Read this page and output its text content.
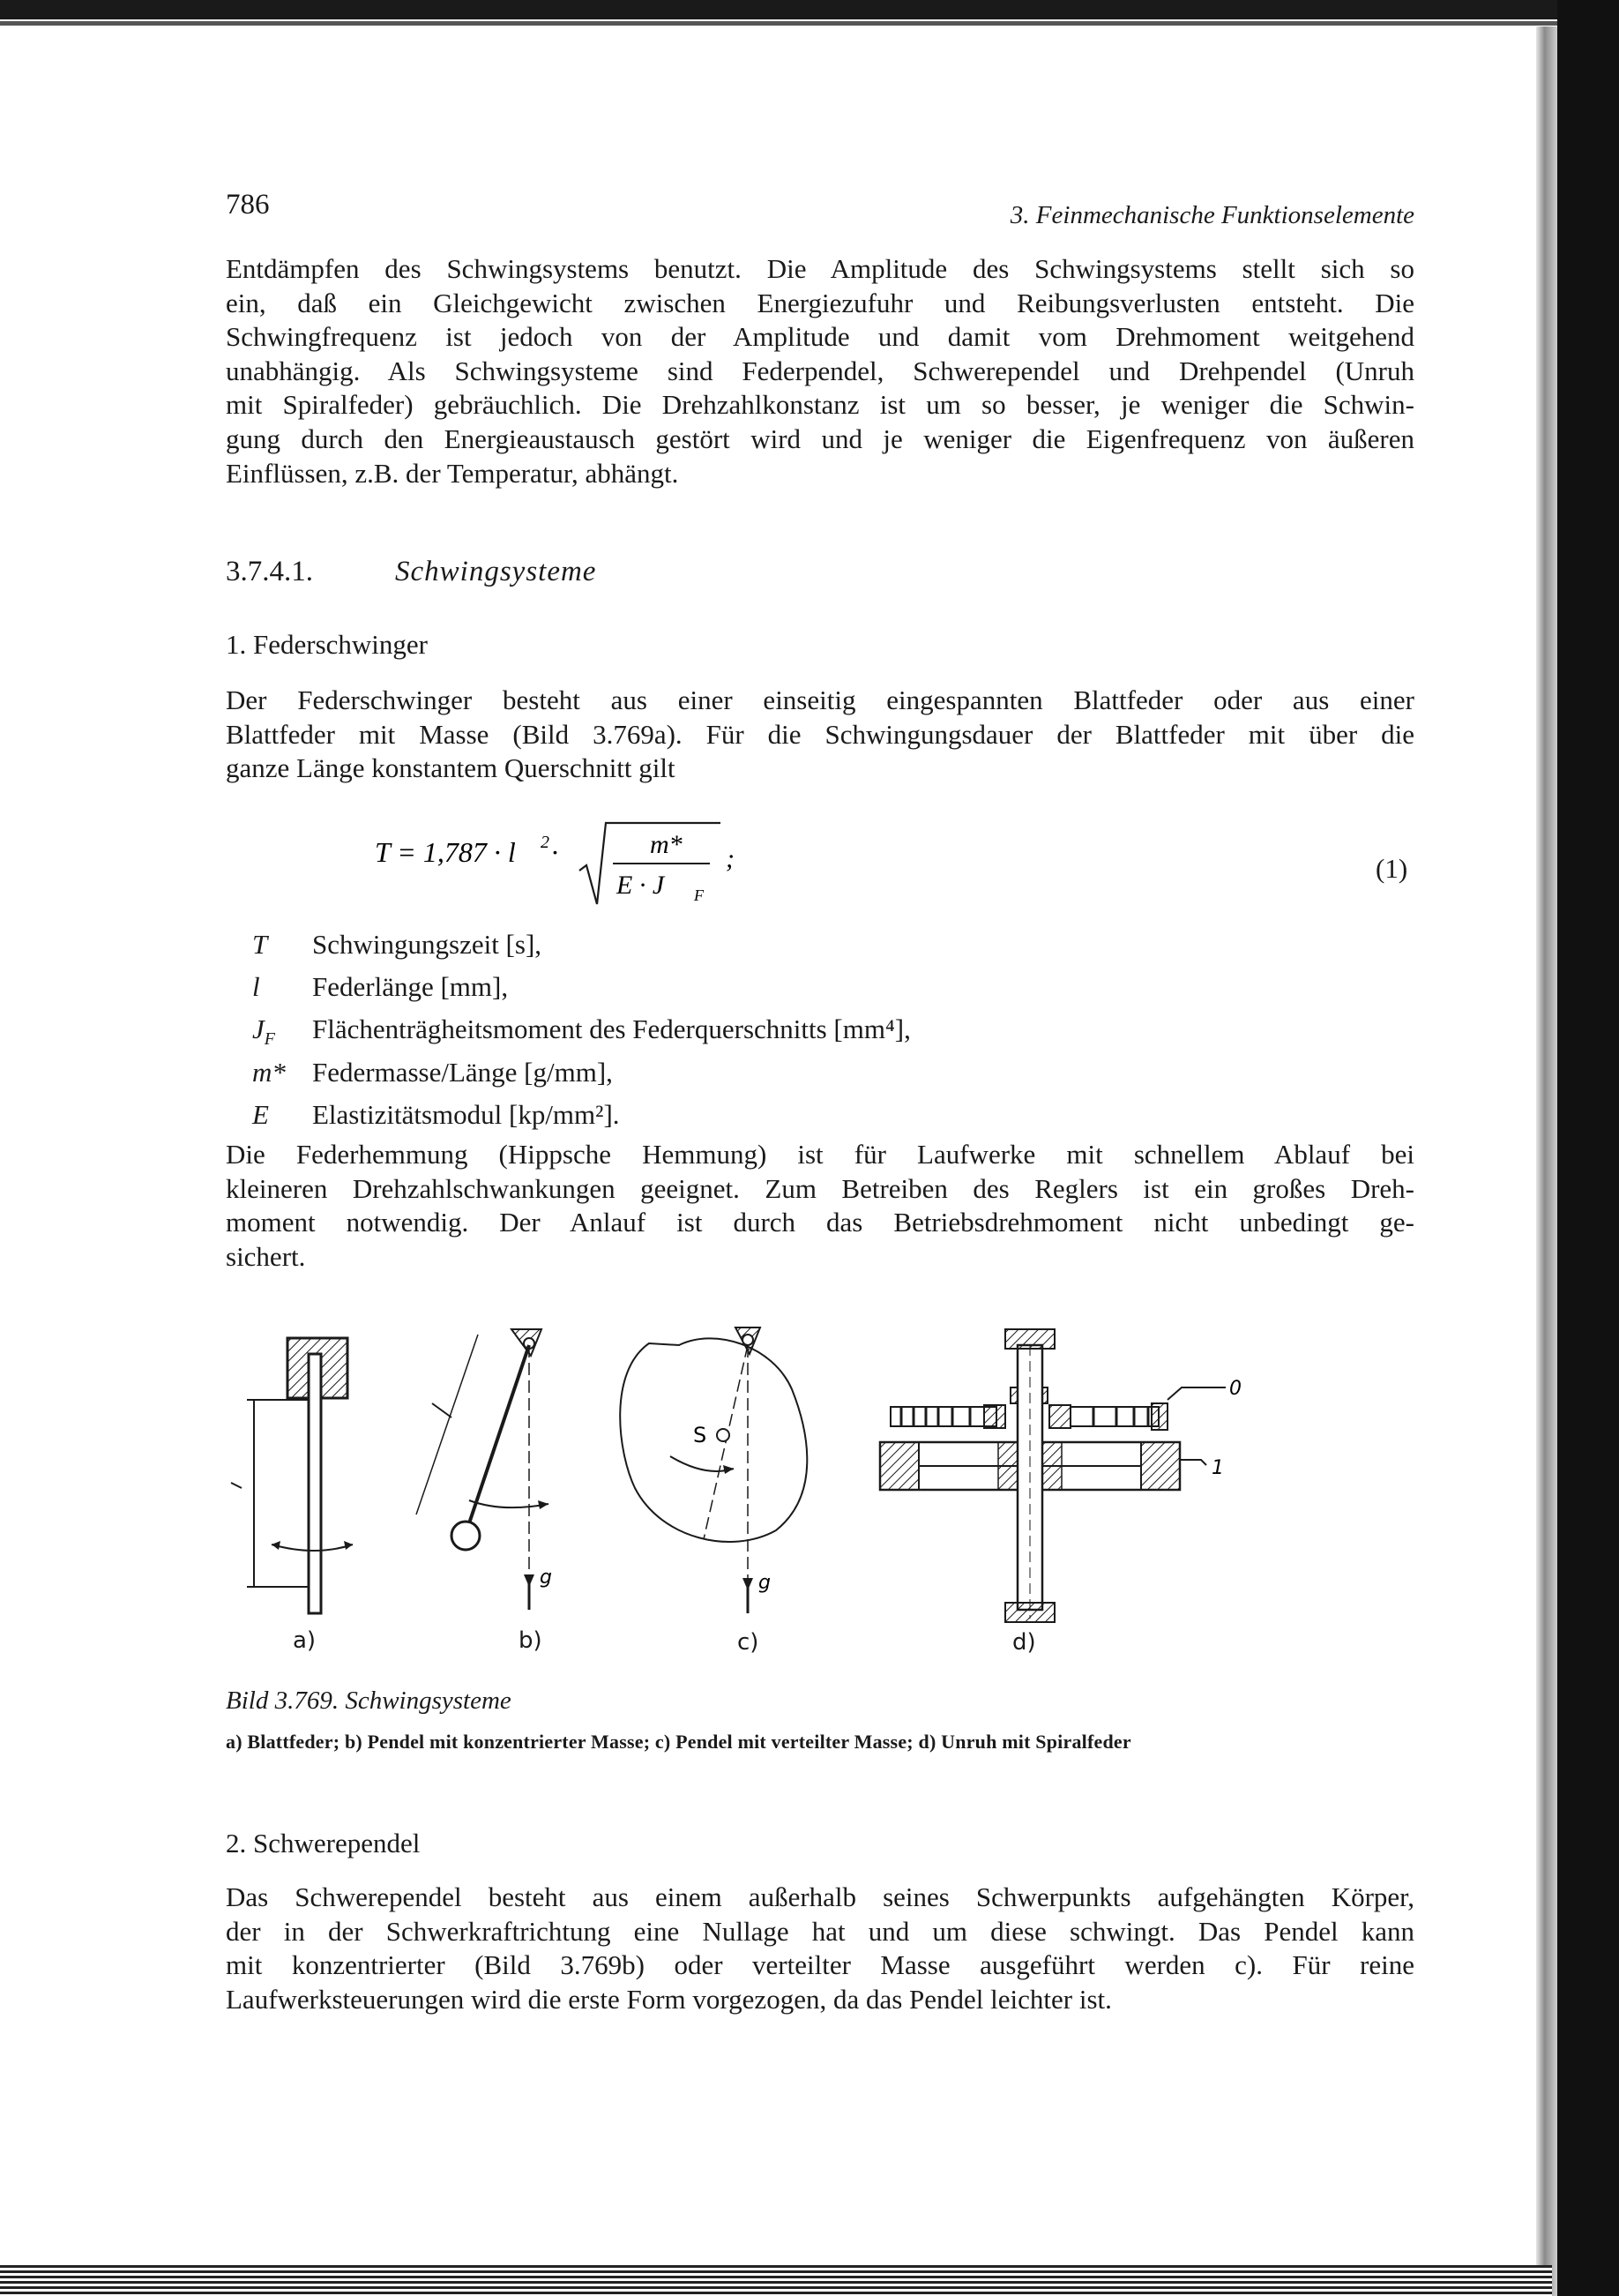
786	3. Feinmechanische Funktionselemente

Entdämpfen des Schwingsystems benutzt. Die Amplitude des Schwingsystems stellt sich so
ein, daß ein Gleichgewicht zwischen Energiezufuhr und Reibungsverlusten entsteht. Die
Schwingfrequenz ist jedoch von der Amplitude und damit vom Drehmoment weitgehend
unabhängig. Als Schwingsysteme sind Federpendel, Schwerependel und Drehpendel (Unruh
mit Spiralfeder) gebräuchlich. Die Drehzahlkonstanz ist um so besser, je weniger die Schwin-
gung durch den Energieaustausch gestört wird und je weniger die Eigenfrequenz von äußeren
Einflüssen, z.B. der Temperatur, abhängt.

3.7.4.1.	Schwingsysteme
1. Federschwinger

Der Federschwinger besteht aus einer einseitig eingespannten Blattfeder oder aus einer
Blattfeder mit Masse (Bild 3.769a). Für die Schwingungsdauer der Blattfeder mit über die
ganze Länge konstantem Querschnitt gilt

T = 1,787 · l 2 ·	m*
E · J F
;	(1)
T	Schwingungszeit [s],
l	Federlänge [mm],
$J_F$	Flächenträgheitsmoment des Federquerschnitts [mm⁴],
m* Federmasse/Länge [g/mm],
E	Elastizitätsmodul [kp/mm²].

Die Federhemmung (Hippsche Hemmung) ist für Laufwerke mit schnellem Ablauf bei
kleineren Drehzahlschwankungen geeignet. Zum Betreiben des Reglers ist ein großes Dreh-
moment notwendig. Der Anlauf ist durch das Betriebsdrehmoment nicht unbedingt ge-
sichert.

g
S
g
0
1
a)	b)	c)	d)
Bild 3.769. Schwingsysteme
a) Blattfeder; b) Pendel mit konzentrierter Masse; c) Pendel mit verteilter Masse; d) Unruh mit Spiralfeder
2. Schwerependel

Das Schwerependel besteht aus einem außerhalb seines Schwerpunkts aufgehängten Körper,
der in der Schwerkraftrichtung eine Nullage hat und um diese schwingt. Das Pendel kann
mit konzentrierter (Bild 3.769b) oder verteilter Masse ausgeführt werden c). Für reine
Laufwerksteuerungen wird die erste Form vorgezogen, da das Pendel leichter ist.
